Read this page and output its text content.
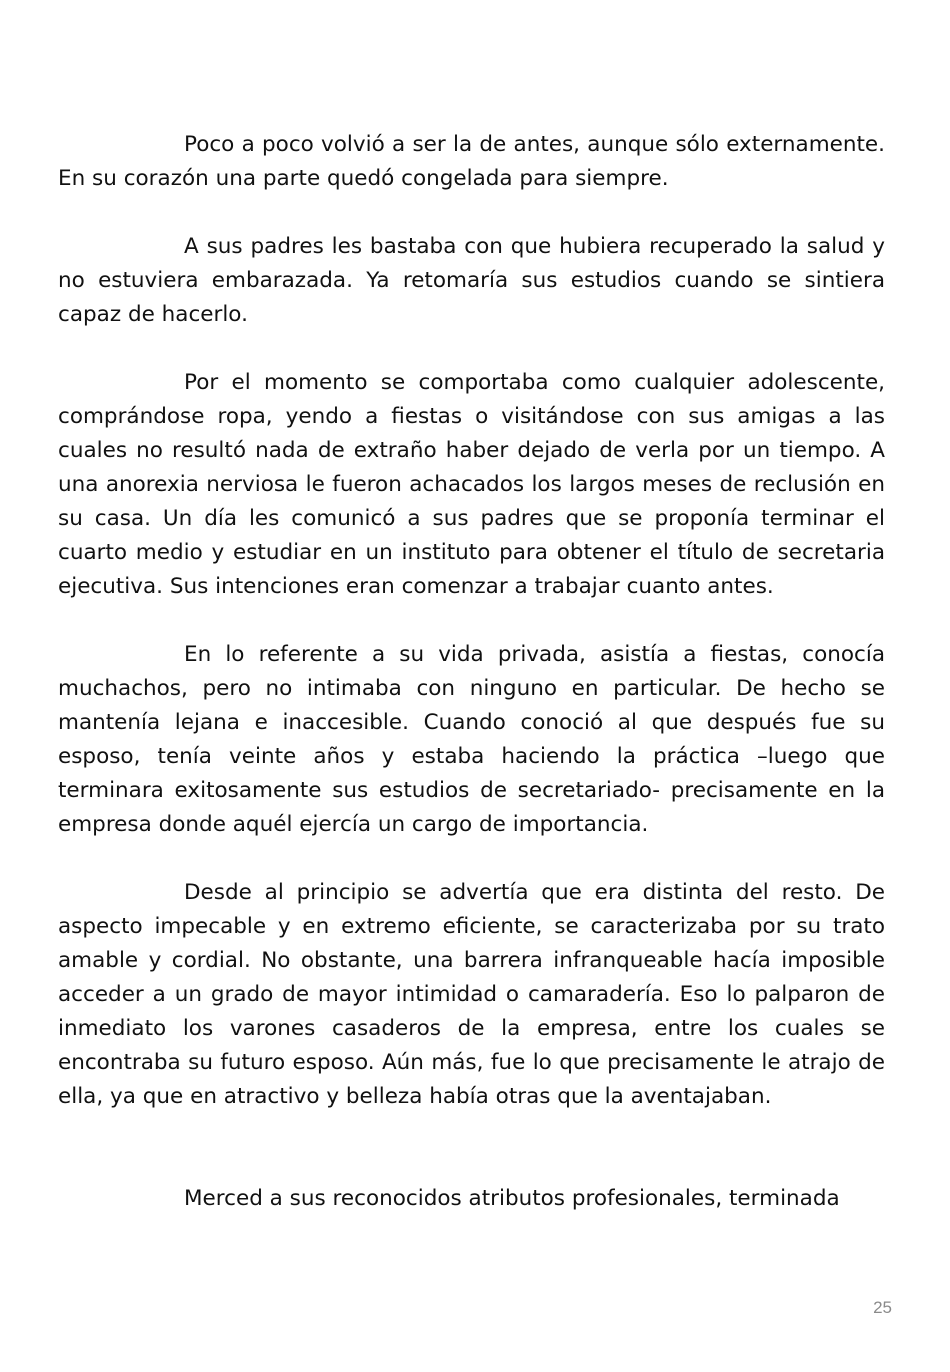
Poco a poco volvió a ser la de antes, aunque sólo externamente. En su corazón una parte quedó congelada para siempre.

A sus padres les bastaba con que hubiera recuperado la salud y no estuviera embarazada. Ya retomaría sus estudios cuando se sintiera capaz de hacerlo.

Por el momento se comportaba como cualquier adolescente, comprándose ropa, yendo a fiestas o visitándose con sus amigas a las cuales no resultó nada de extraño haber dejado de verla por un tiempo. A una anorexia nerviosa le fueron achacados los largos meses de reclusión en su casa. Un día les comunicó a sus padres que se proponía terminar el cuarto medio y estudiar en un instituto para obtener el título de secretaria ejecutiva. Sus intenciones eran comenzar a trabajar cuanto antes.

En lo referente a su vida privada, asistía a fiestas, conocía muchachos, pero no intimaba con ninguno en particular. De hecho se mantenía lejana e inaccesible. Cuando conoció al que después fue su esposo, tenía veinte años y estaba haciendo la práctica –luego que terminara exitosamente sus estudios de secretariado- precisamente en la empresa donde aquél ejercía un cargo de importancia.

Desde al principio se advertía que era distinta del resto. De aspecto impecable y en extremo eficiente, se caracterizaba por su trato amable y cordial. No obstante, una barrera infranqueable hacía imposible acceder a un grado de mayor intimidad o camaradería. Eso lo palparon de inmediato los varones casaderos de la empresa, entre los cuales se encontraba su futuro esposo. Aún más, fue lo que precisamente le atrajo de ella, ya que en atractivo y belleza había otras que la aventajaban.

Merced a sus reconocidos atributos profesionales, terminada

25
